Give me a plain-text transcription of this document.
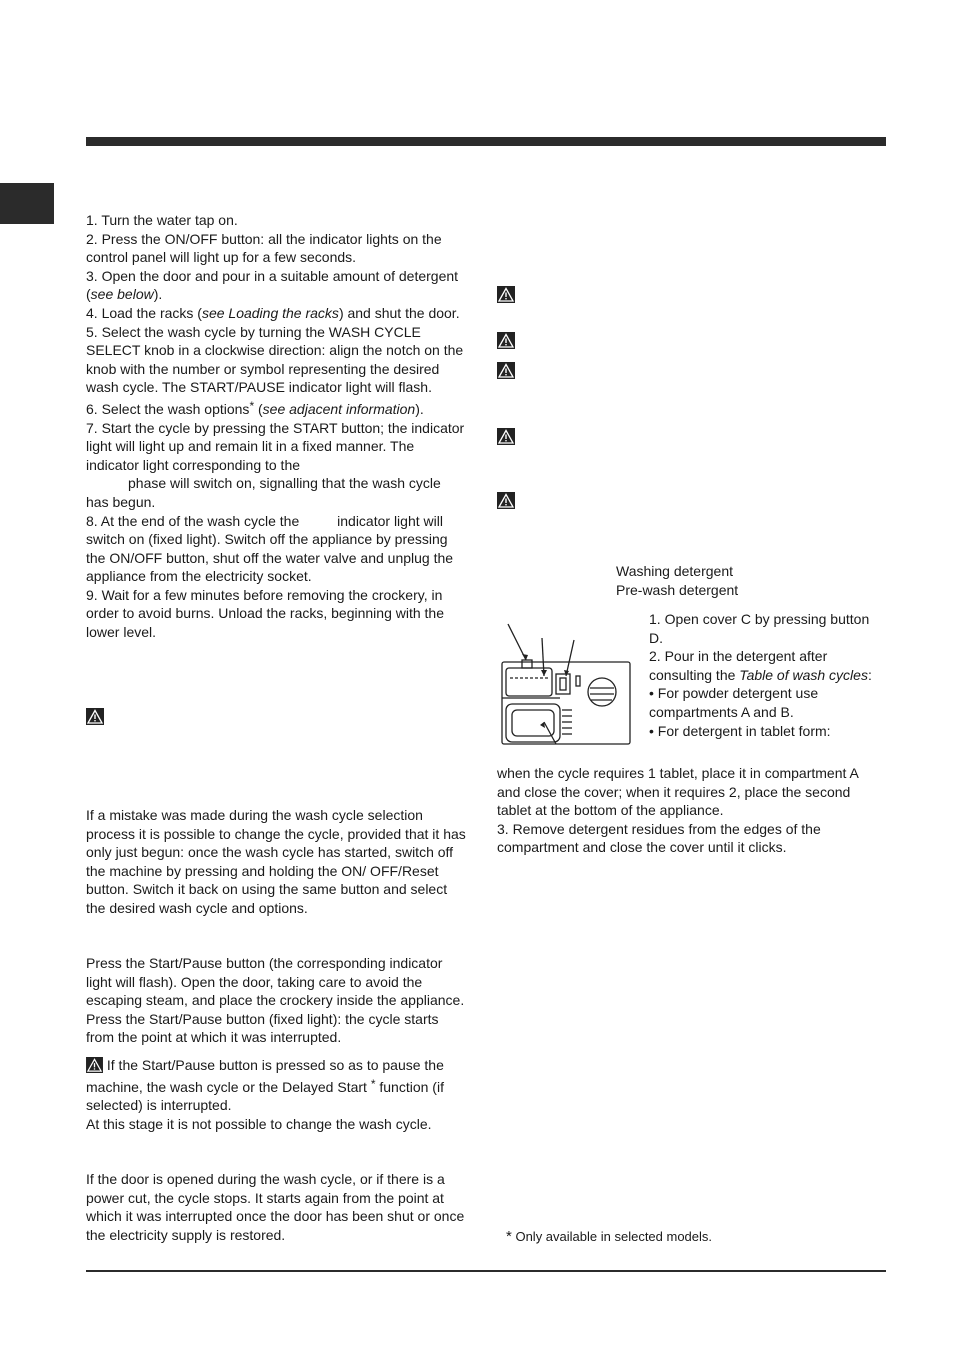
1. Turn the water tap on.

2. Press the ON/OFF button: all the indicator lights on the control panel will light up for a few seconds.

3. Open the door and pour in a suitable amount of detergent (see below).

4. Load the racks (see Loading the racks) and shut the door.

5. Select the wash cycle by turning the WASH CYCLE SELECT knob in a clockwise direction: align the notch on the knob with the number or symbol representing the desired wash cycle. The START/PAUSE indicator light will flash.

6. Select the wash options* (see adjacent information).

7. Start the cycle by pressing the START button; the indicator light will light up and remain lit in a fixed manner. The indicator light corresponding to the
phase will switch on, signalling that the wash cycle has begun.

8. At the end of the wash cycle the	indicator light will switch on (fixed light). Switch off the appliance by pressing the ON/OFF button, shut off the water valve and unplug the appliance from the electricity socket.

9. Wait for a few minutes before removing the crockery, in order to avoid burns. Unload the racks, beginning with the lower level.

If a mistake was made during the wash cycle selection process it is possible to change the cycle, provided that it has only just begun: once the wash cycle has started, switch off the machine by pressing and holding the ON/ OFF/Reset button. Switch it back on using the same button and select the desired wash cycle and options.
Press the Start/Pause button (the corresponding indicator light will flash). Open the door, taking care to avoid the escaping steam, and place the crockery inside the appliance. Press the Start/Pause button (fixed light): the cycle starts from the point at which it was interrupted.

If the Start/Pause button is pressed so as to pause the machine, the wash cycle or the Delayed Start * function (if selected) is interrupted.

At this stage it is not possible to change the wash cycle.

If the door is opened during the wash cycle, or if there is a power cut, the cycle stops. It starts again from the point at which it was interrupted once the door has been shut or once the electricity supply is restored.
Washing detergent
Pre-wash detergent

1. Open cover C by pressing button D.

2. Pour in the detergent after consulting the Table of wash cycles:

• For powder detergent use compartments A and B.

• For detergent in tablet form:

when the cycle requires 1 tablet, place it in compartment A and close the cover; when it requires 2, place the second tablet at the bottom of the appliance.

3. Remove detergent residues from the edges of the compartment and close the cover until it clicks.

* Only available in selected models.
